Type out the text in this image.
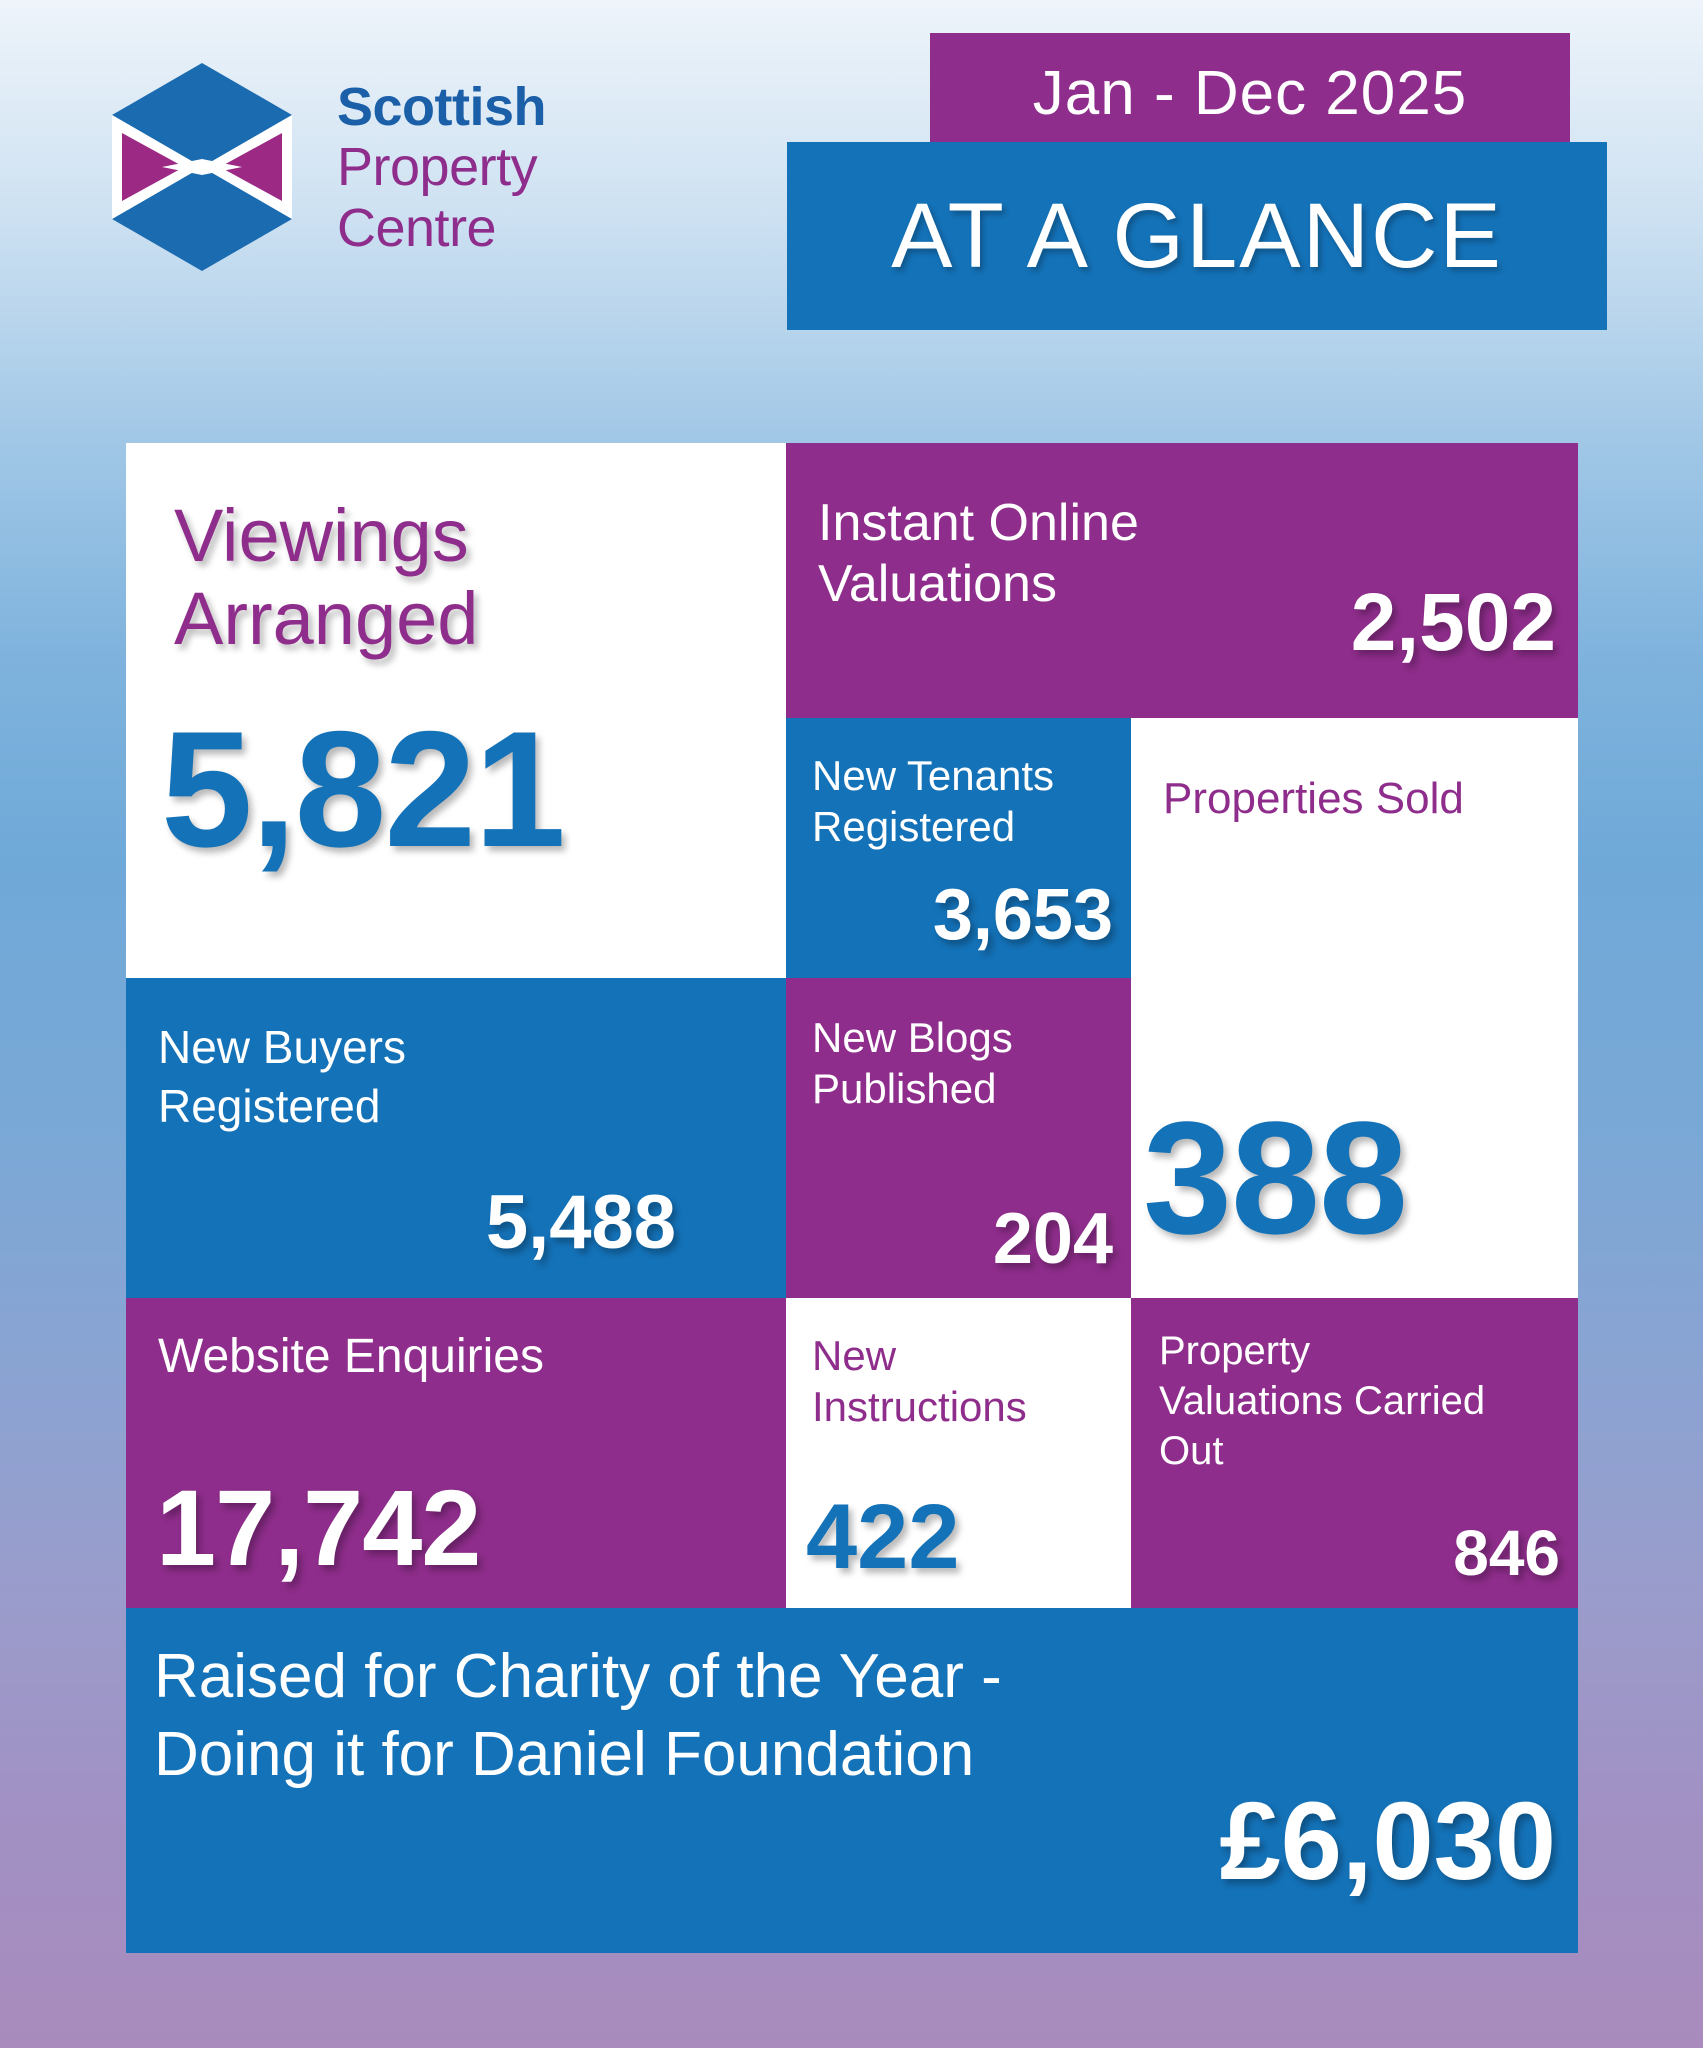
Scottish
Property
Centre
Jan - Dec 2025
AT A GLANCE
Viewings Arranged
5,821
Instant Online Valuations	2,502
New Tenants Registered
3,653
Properties Sold
388
New Buyers Registered
5,488
New Blogs Published
204
Website Enquiries
17,742
New Instructions
422
Property Valuations Carried Out
846
Raised for Charity of the Year - Doing it for Daniel Foundation
£6,030
